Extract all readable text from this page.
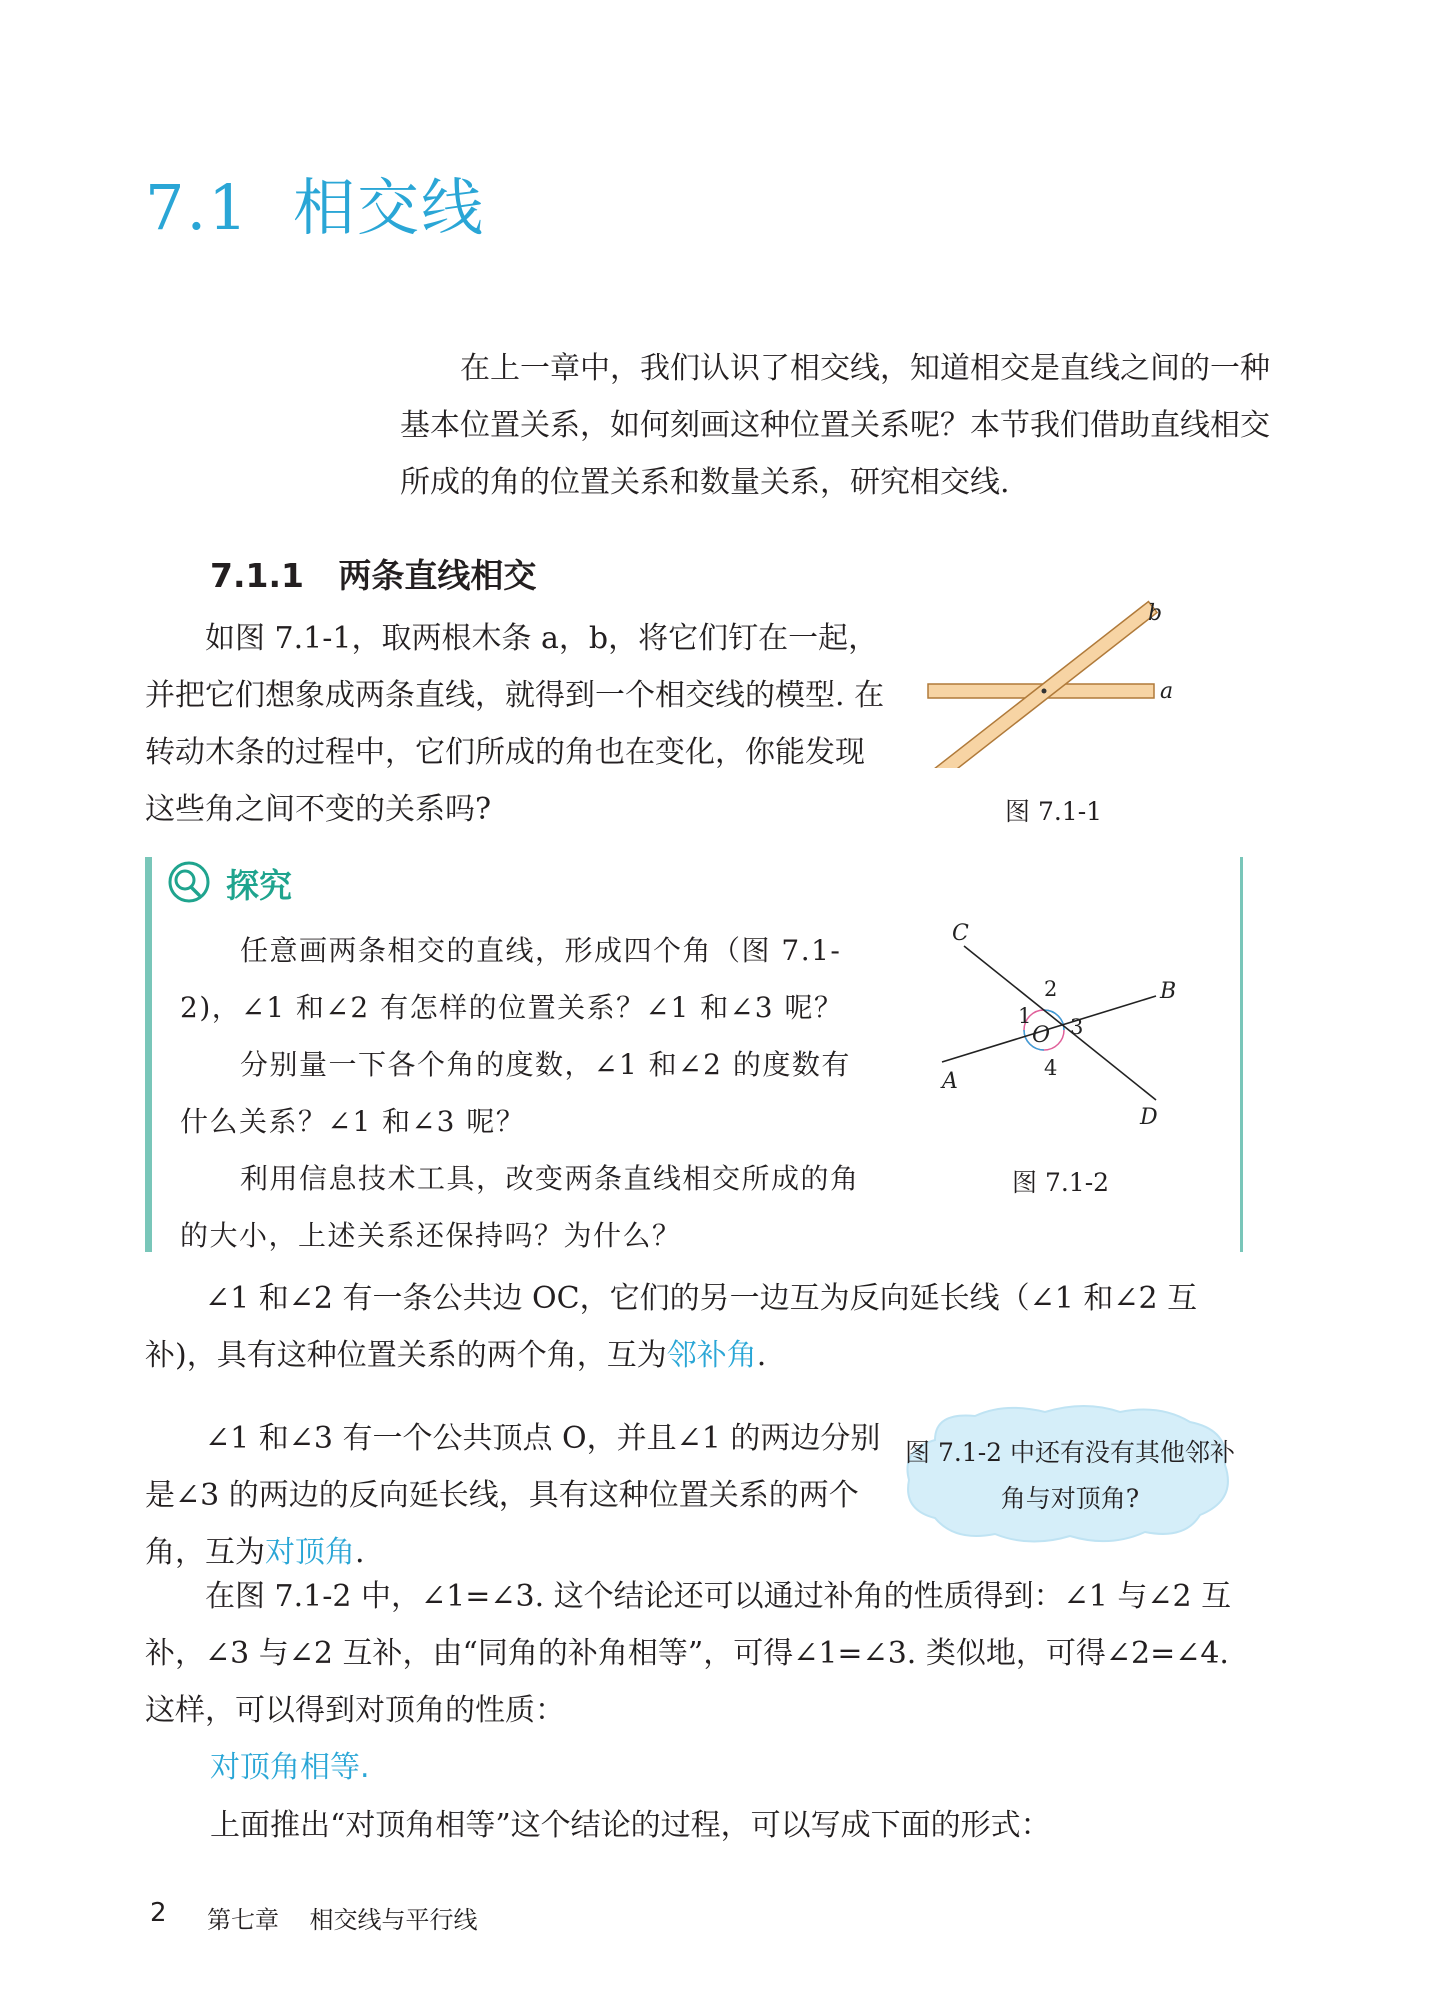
7.1  相交线
在上一章中，我们认识了相交线，知道相交是直线之间的一种基本位置关系，如何刻画这种位置关系呢？本节我们借助直线相交所成的角的位置关系和数量关系，研究相交线.
7.1.1   两条直线相交
如图 7.1-1，取两根木条 a，b，将它们钉在一起，并把它们想象成两条直线，就得到一个相交线的模型. 在转动木条的过程中，它们所成的角也在变化，你能发现这些角之间不变的关系吗?
a
b
图 7.1-1
探究
任意画两条相交的直线，形成四个角（图 7.1-2)，∠1 和∠2 有怎样的位置关系？∠1 和∠3 呢？
分别量一下各个角的度数，∠1 和∠2 的度数有什么关系？∠1 和∠3 呢？
利用信息技术工具，改变两条直线相交所成的角的大小，上述关系还保持吗？为什么？
C
B
A
D
O
1
2
3
4
图 7.1-2
∠1 和∠2 有一条公共边 OC，它们的另一边互为反向延长线（∠1 和∠2 互补)，具有这种位置关系的两个角，互为邻补角.
∠1 和∠3 有一个公共顶点 O，并且∠1 的两边分别是∠3 的两边的反向延长线，具有这种位置关系的两个角，互为对顶角.
图 7.1-2 中还有没有其他邻补角与对顶角?
在图 7.1-2 中，∠1=∠3. 这个结论还可以通过补角的性质得到：∠1 与∠2 互补，∠3 与∠2 互补，由“同角的补角相等”，可得∠1=∠3. 类似地，可得∠2=∠4. 这样，可以得到对顶角的性质：
对顶角相等.
上面推出“对顶角相等”这个结论的过程，可以写成下面的形式：
2 第七章    相交线与平行线
